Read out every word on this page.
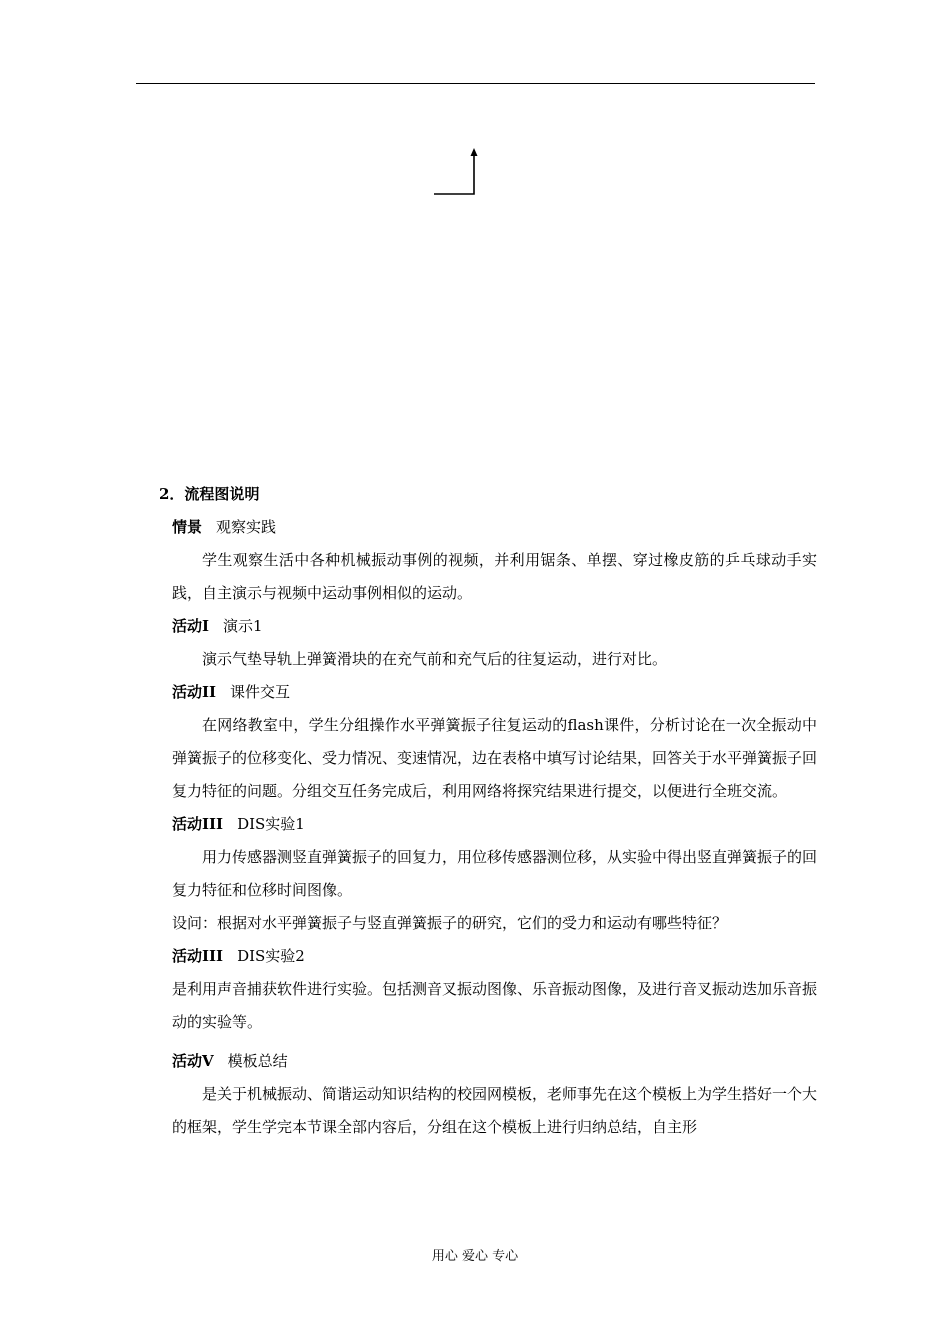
2．流程图说明

情景 观察实践

学生观察生活中各种机械振动事例的视频，并利用锯条、单摆、穿过橡皮筋的乒乓球动手实践，自主演示与视频中运动事例相似的运动。

活动Ⅰ 演示1

演示气垫导轨上弹簧滑块的在充气前和充气后的往复运动，进行对比。

活动II 课件交互

在网络教室中，学生分组操作水平弹簧振子往复运动的flash课件，分析讨论在一次全振动中弹簧振子的位移变化、受力情况、变速情况，边在表格中填写讨论结果，回答关于水平弹簧振子回复力特征的问题。分组交互任务完成后，利用网络将探究结果进行提交，以便进行全班交流。

活动III DIS实验1

用力传感器测竖直弹簧振子的回复力，用位移传感器测位移，从实验中得出竖直弹簧振子的回复力特征和位移时间图像。

设问：根据对水平弹簧振子与竖直弹簧振子的研究，它们的受力和运动有哪些特征？

活动III DIS实验2

是利用声音捕获软件进行实验。包括测音叉振动图像、乐音振动图像，及进行音叉振动迭加乐音振动的实验等。

活动Ⅴ 模板总结

是关于机械振动、简谐运动知识结构的校园网模板，老师事先在这个模板上为学生搭好一个大的框架，学生学完本节课全部内容后，分组在这个模板上进行归纳总结，自主形

用心 爱心 专心
